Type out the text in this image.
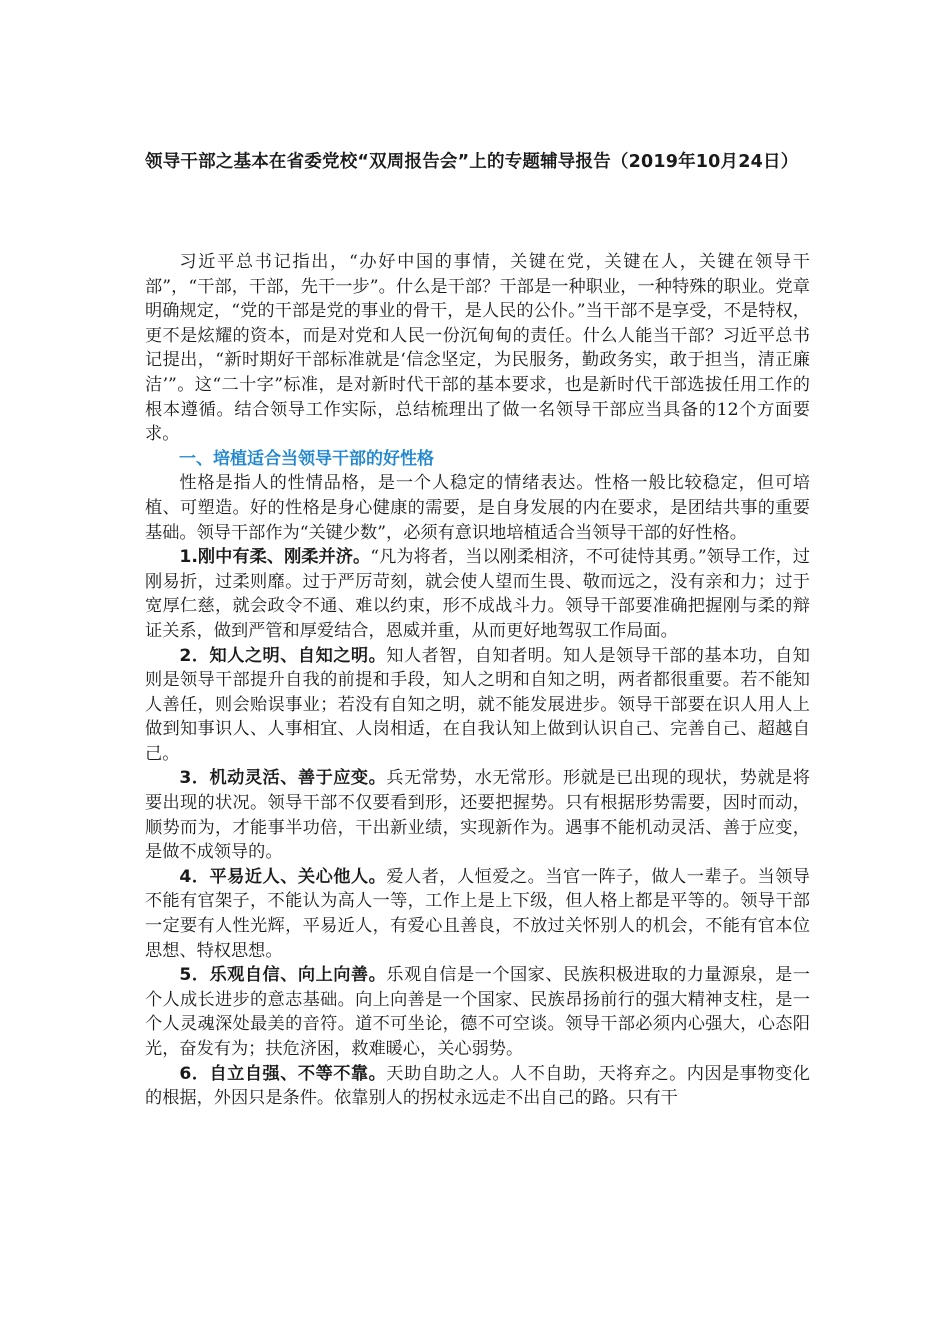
领导干部之基本在省委党校“双周报告会”上的专题辅导报告（2019年10月24日）

习近平总书记指出，“办好中国的事情，关键在党，关键在人，关键在领导干部”，“干部，干部，先干一步”。什么是干部？干部是一种职业，一种特殊的职业。党章明确规定，“党的干部是党的事业的骨干，是人民的公仆。”当干部不是享受，不是特权，更不是炫耀的资本，而是对党和人民一份沉甸甸的责任。什么人能当干部？习近平总书记提出，“新时期好干部标准就是‘信念坚定，为民服务，勤政务实，敢于担当，清正廉洁’”。这“二十字”标准，是对新时代干部的基本要求，也是新时代干部选拔任用工作的根本遵循。结合领导工作实际，总结梳理出了做一名领导干部应当具备的12个方面要求。

一、培植适合当领导干部的好性格

性格是指人的性情品格，是一个人稳定的情绪表达。性格一般比较稳定，但可培植、可塑造。好的性格是身心健康的需要，是自身发展的内在要求，是团结共事的重要基础。领导干部作为“关键少数”，必须有意识地培植适合当领导干部的好性格。

1.刚中有柔、刚柔并济。“凡为将者，当以刚柔相济，不可徒恃其勇。”领导工作，过刚易折，过柔则靡。过于严厉苛刻，就会使人望而生畏、敬而远之，没有亲和力；过于宽厚仁慈，就会政令不通、难以约束，形不成战斗力。领导干部要准确把握刚与柔的辩证关系，做到严管和厚爱结合，恩威并重，从而更好地驾驭工作局面。

2．知人之明、自知之明。知人者智，自知者明。知人是领导干部的基本功，自知则是领导干部提升自我的前提和手段，知人之明和自知之明，两者都很重要。若不能知人善任，则会贻误事业；若没有自知之明，就不能发展进步。领导干部要在识人用人上做到知事识人、人事相宜、人岗相适，在自我认知上做到认识自己、完善自己、超越自己。

3．机动灵活、善于应变。兵无常势，水无常形。形就是已出现的现状，势就是将要出现的状况。领导干部不仅要看到形，还要把握势。只有根据形势需要，因时而动，顺势而为，才能事半功倍，干出新业绩，实现新作为。遇事不能机动灵活、善于应变，是做不成领导的。

4．平易近人、关心他人。爱人者，人恒爱之。当官一阵子，做人一辈子。当领导不能有官架子，不能认为高人一等，工作上是上下级，但人格上都是平等的。领导干部一定要有人性光辉，平易近人，有爱心且善良，不放过关怀别人的机会，不能有官本位思想、特权思想。

5．乐观自信、向上向善。乐观自信是一个国家、民族积极进取的力量源泉，是一个人成长进步的意志基础。向上向善是一个国家、民族昂扬前行的强大精神支柱，是一个人灵魂深处最美的音符。道不可坐论，德不可空谈。领导干部必须内心强大，心态阳光，奋发有为；扶危济困，救难暖心，关心弱势。

6．自立自强、不等不靠。天助自助之人。人不自助，天将弃之。内因是事物变化的根据，外因只是条件。依靠别人的拐杖永远走不出自己的路。只有干
